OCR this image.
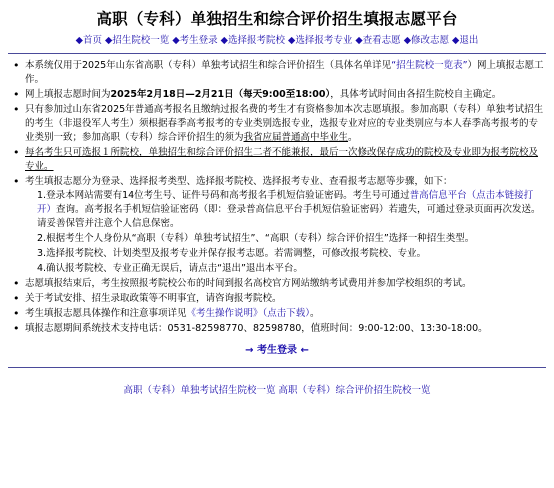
高职（专科）单独招生和综合评价招生填报志愿平台
◆首页 ◆招生院校一览 ◆考生登录 ◆选择报考院校 ◆选择报考专业 ◆查看志愿 ◆修改志愿 ◆退出
• 本系统仅用于2025年山东省高职（专科）单独考试招生和综合评价招生（具体名单详见“招生院校一览表”）网上填报志愿工作。
• 网上填报志愿时间为2025年2月18日—2月21日（每天9:00至18:00），具体考试时间由各招生院校自主确定。
• 只有参加过山东省2025年普通高考报名且缴纳过报名费的考生才有资格参加本次志愿填报。参加高职（专科）单独考试招生的考生（非退役军人考生）须根据春季高考报考的专业类别选报专业，选报专业对应的专业类别应与本人春季高考报考的专业类别一致；参加高职（专科）综合评价招生的须为我省应届普通高中毕业生。
• 每名考生只可选报１所院校，单独招生和综合评价招生二者不能兼报，最后一次修改保存成功的院校及专业即为报考院校及专业。
• 考生填报志愿分为登录、选择报考类型、选择报考院校、选择报考专业、查看报考志愿等步骤，如下：

1.登录本网站需要有14位考生号、证件号码和高考报名手机短信验证密码。考生号可通过普高信息平台（点击本链接打开）查询。高考报名手机短信验证密码（即：登录普高信息平台手机短信验证密码）若遗失，可通过登录页面再次发送。请妥善保管并注意个人信息保密。

2.根据考生个人身份从“高职（专科）单独考试招生”、“高职（专科）综合评价招生”选择一种招生类型。

3.选择报考院校、计划类型及报考专业并保存报考志愿。若需调整，可修改报考院校、专业。

4.确认报考院校、专业正确无误后，请点击“退出”退出本平台。

• 志愿填报结束后，考生按照报考院校公布的时间到报名高校官方网站缴纳考试费用并参加学校组织的考试。
• 关于考试安排、招生录取政策等不明事宜，请咨询报考院校。
• 考生填报志愿具体操作和注意事项详见《考生操作说明》（点击下载）。
• 填报志愿期间系统技术支持电话：0531-82598770、82598780，值班时间：9:00-12:00、13:30-18:00。
→ 考生登录 ←
高职（专科）单独考试招生院校一览 高职（专科）综合评价招生院校一览
